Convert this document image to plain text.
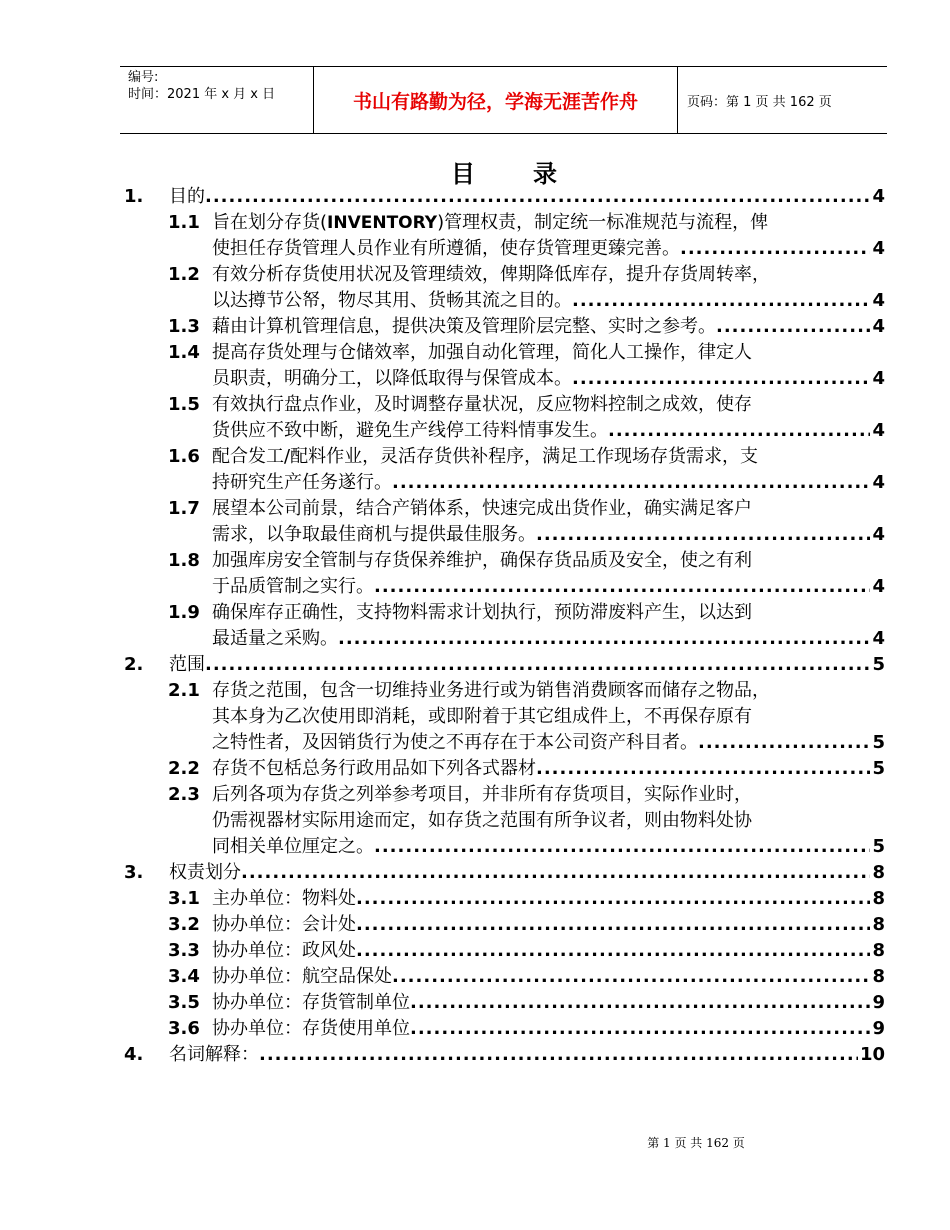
编号:
时间：2021 年 x 月 x 日	书山有路勤为径，学海无涯苦作舟	页码：第 1 页 共 162 页
目 录
1. 目的 .....	4
1.1 旨在划分存货(INVENTORY)管理权责，制定统一标准规范与流程，俾
使担任存货管理人员作业有所遵循，使存货管理更臻完善。 .....	4
1.2 有效分析存货使用状况及管理绩效，俾期降低库存，提升存货周转率，
以达撙节公帑，物尽其用、货畅其流之目的。 .....	4
1.3 藉由计算机管理信息，提供决策及管理阶层完整、实时之参考。 .....	4
1.4 提高存货处理与仓储效率，加强自动化管理，简化人工操作，律定人
员职责，明确分工，以降低取得与保管成本。 .....	4
1.5 有效执行盘点作业，及时调整存量状况，反应物料控制之成效，使存
货供应不致中断，避免生产线停工待料情事发生。 .....	4
1.6 配合发工/配料作业，灵活存货供补程序，满足工作现场存货需求，支
持研究生产任务遂行。 .....	4
1.7 展望本公司前景，结合产销体系，快速完成出货作业，确实满足客户
需求，以争取最佳商机与提供最佳服务。 .....	4
1.8 加强库房安全管制与存货保养维护，确保存货品质及安全，使之有利
于品质管制之实行。 .....	4
1.9 确保库存正确性，支持物料需求计划执行，预防滞废料产生，以达到
最适量之采购。 .....	4
2. 范围 .....	5
2.1 存货之范围，包含一切维持业务进行或为销售消费顾客而储存之物品，
其本身为乙次使用即消耗，或即附着于其它组成件上，不再保存原有
之特性者，及因销货行为使之不再存在于本公司资产科目者。 .....	5
2.2 存货不包栝总务行政用品如下列各式器材 .....	5
2.3 后列各项为存货之列举参考项目，并非所有存货项目，实际作业时，
仍需视器材实际用途而定，如存货之范围有所争议者，则由物料处协
同相关单位厘定之。 .....	5
3. 权责划分 .....	8
3.1 主办单位：物料处 .....	8
3.2 协办单位：会计处 .....	8
3.3 协办单位：政风处 .....	8
3.4 协办单位：航空品保处 .....	8
3.5 协办单位：存货管制单位 .....	9
3.6 协办单位：存货使用单位 .....	9
4. 名词解释： .....	10
第 1 页 共 162 页
